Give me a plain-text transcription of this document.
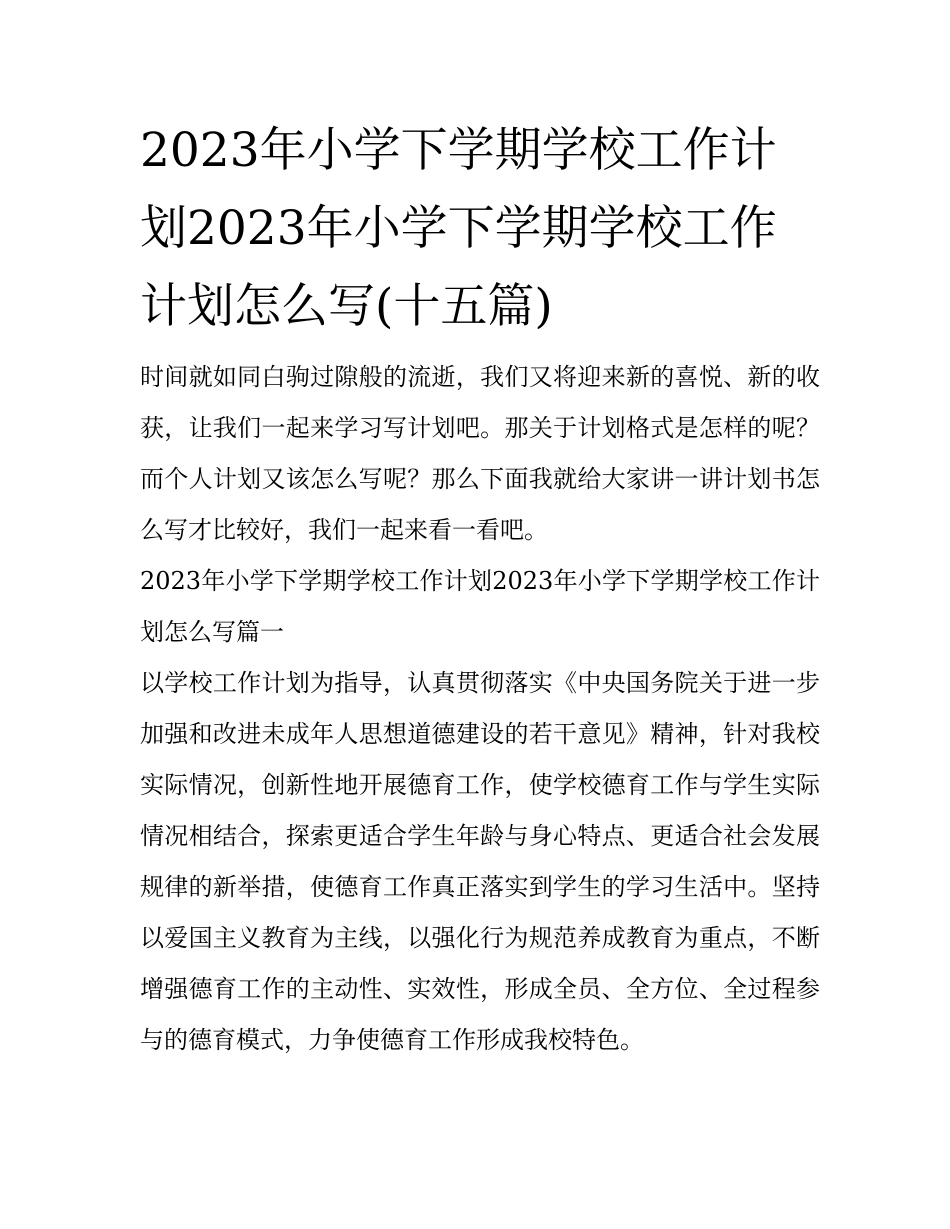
2023年小学下学期学校工作计划2023年小学下学期学校工作计划怎么写(十五篇)

时间就如同白驹过隙般的流逝，我们又将迎来新的喜悦、新的收获，让我们一起来学习写计划吧。那关于计划格式是怎样的呢？而个人计划又该怎么写呢？那么下面我就给大家讲一讲计划书怎么写才比较好，我们一起来看一看吧。

2023年小学下学期学校工作计划2023年小学下学期学校工作计划怎么写篇一

以学校工作计划为指导，认真贯彻落实《中央国务院关于进一步加强和改进未成年人思想道德建设的若干意见》精神，针对我校实际情况，创新性地开展德育工作，使学校德育工作与学生实际情况相结合，探索更适合学生年龄与身心特点、更适合社会发展规律的新举措，使德育工作真正落实到学生的学习生活中。坚持以爱国主义教育为主线，以强化行为规范养成教育为重点，不断增强德育工作的主动性、实效性，形成全员、全方位、全过程参与的德育模式，力争使德育工作形成我校特色。
